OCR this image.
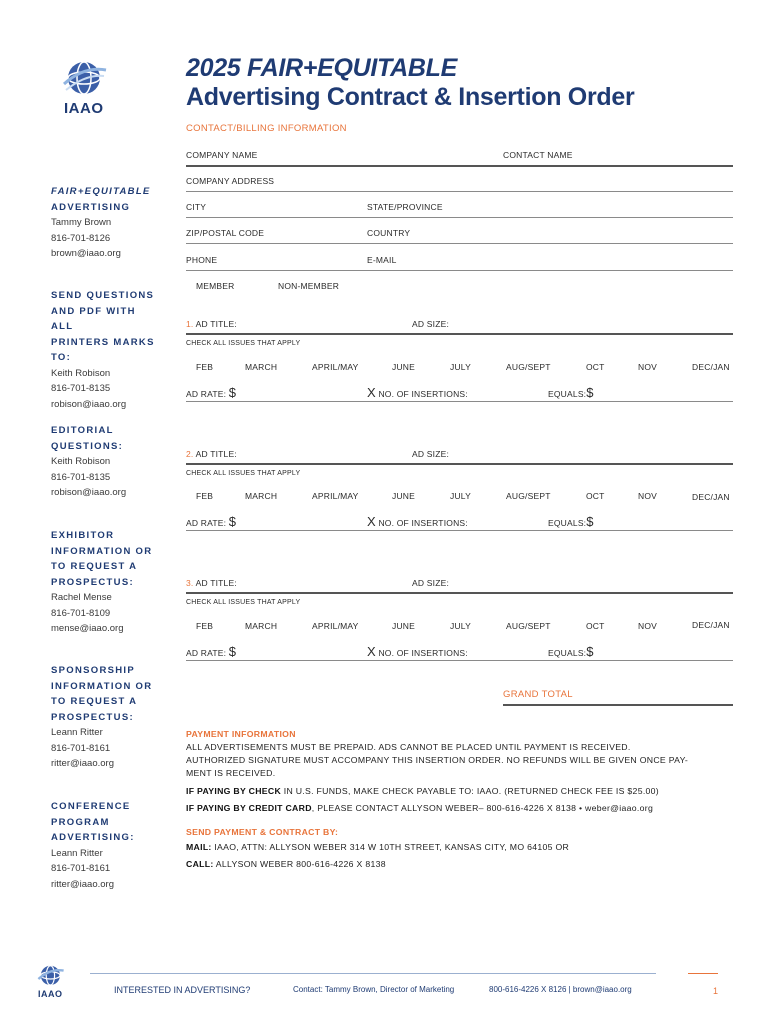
IAAO
2025 FAIR+EQUITABLE
Advertising Contract & Insertion Order
CONTACT/BILLING INFORMATION
COMPANY NAME	CONTACT NAME
COMPANY ADDRESS
CITY	STATE/PROVINCE
ZIP/POSTAL CODE	COUNTRY
PHONE	E-MAIL
MEMBER	NON-MEMBER
1. AD TITLE:	AD SIZE:
CHECK ALL ISSUES THAT APPLY
FEB	MARCH	APRIL/MAY	JUNE	JULY	AUG/SEPT	OCT	NOV	DEC/JAN
AD RATE: $	X NO. OF INSERTIONS:	EQUALS:$
2. AD TITLE:	AD SIZE:
CHECK ALL ISSUES THAT APPLY
FEB	MARCH	APRIL/MAY	JUNE	JULY	AUG/SEPT	OCT	NOV	DEC/JAN
AD RATE: $	X NO. OF INSERTIONS:	EQUALS:$
3. AD TITLE:	AD SIZE:
CHECK ALL ISSUES THAT APPLY
FEB	MARCH	APRIL/MAY	JUNE	JULY	AUG/SEPT	OCT	NOV	DEC/JAN
AD RATE: $	X NO. OF INSERTIONS:	EQUALS:$
GRAND TOTAL
PAYMENT INFORMATION
ALL ADVERTISEMENTS MUST BE PREPAID. ADS CANNOT BE PLACED UNTIL PAYMENT IS RECEIVED.
AUTHORIZED SIGNATURE MUST ACCOMPANY THIS INSERTION ORDER. NO REFUNDS WILL BE GIVEN ONCE PAY-
MENT IS RECEIVED.
IF PAYING BY CHECK IN U.S. FUNDS, MAKE CHECK PAYABLE TO: IAAO. (RETURNED CHECK FEE IS $25.00)
IF PAYING BY CREDIT CARD, PLEASE CONTACT ALLYSON WEBER– 800-616-4226 X 8138 • weber@iaao.org
SEND PAYMENT & CONTRACT BY:
MAIL: IAAO, ATTN: ALLYSON WEBER 314 W 10TH STREET, KANSAS CITY, MO 64105 OR
CALL: ALLYSON WEBER 800-616-4226 X 8138
FAIR+EQUITABLE
ADVERTISING
Tammy Brown
816-701-8126
brown@iaao.org
SEND QUESTIONS
AND PDF WITH ALL
PRINTERS MARKS
TO:
Keith Robison
816-701-8135
robison@iaao.org
EDITORIAL
QUESTIONS:
Keith Robison
816-701-8135
robison@iaao.org
EXHIBITOR
INFORMATION OR
TO REQUEST A
PROSPECTUS:
Rachel Mense
816-701-8109
mense@iaao.org
SPONSORSHIP
INFORMATION OR
TO REQUEST A
PROSPECTUS:
Leann Ritter
816-701-8161
ritter@iaao.org
CONFERENCE
PROGRAM
ADVERTISING:
Leann Ritter
816-701-8161
ritter@iaao.org
IAAO	INTERESTED IN ADVERTISING?	Contact: Tammy Brown, Director of Marketing	800-616-4226 X 8126 | brown@iaao.org	1
